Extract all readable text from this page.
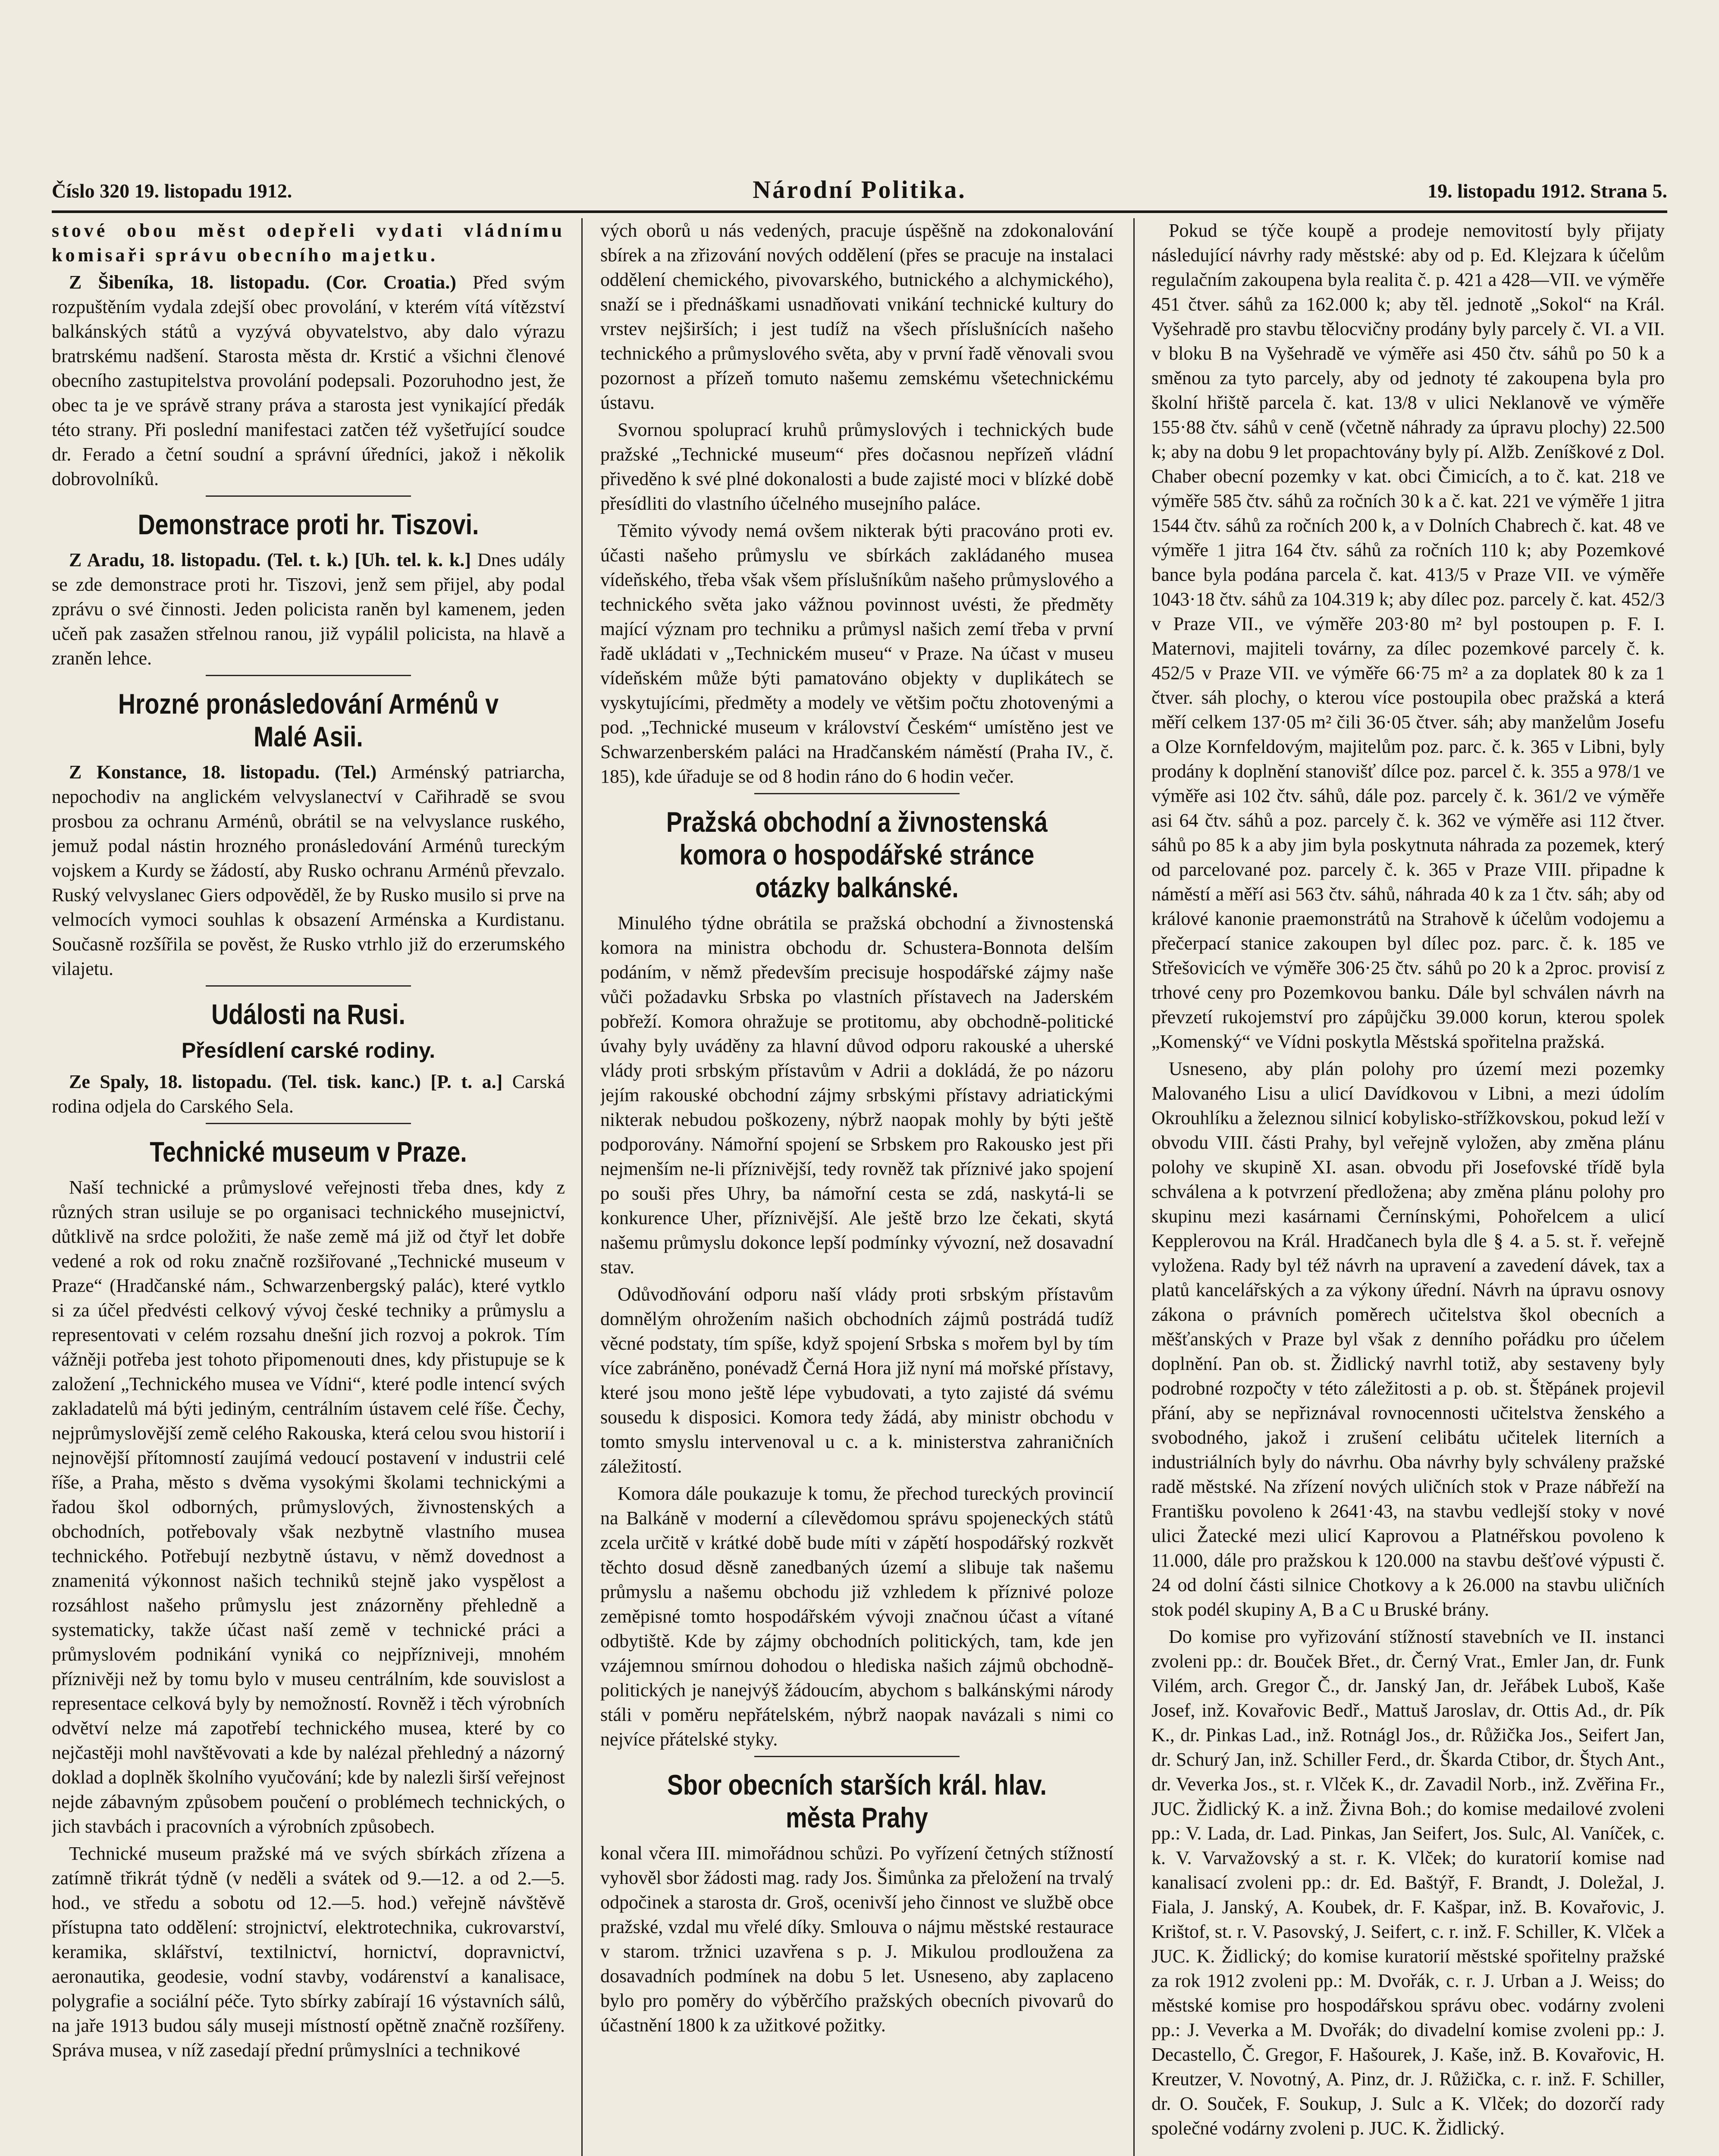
Číslo 320 19. listopadu 1912.	Národní Politika.	19. listopadu 1912. Strana 5.

stové obou měst odepřeli vydati vládnímu komisaři správu obecního majetku.

Z Šibeníka, 18. listopadu. (Cor. Croatia.) Před svým rozpuštěním vydala zdejší obec provolání, v kterém vítá vítězství balkánských států a vyzývá obyvatelstvo, aby dalo výrazu bratrskému nadšení. Starosta města dr. Krstić a všichni členové obecního zastupitelstva provolání podepsali. Pozoruhodno jest, že obec ta je ve správě strany práva a starosta jest vynikající předák této strany. Při poslední manifestaci zatčen též vyšetřující soudce dr. Ferado a četní soudní a správní úředníci, jakož i několik dobrovolníků.

Demonstrace proti hr. Tiszovi.

Z Aradu, 18. listopadu. (Tel. t. k.) [Uh. tel. k. k.] Dnes udály se zde demonstrace proti hr. Tiszovi, jenž sem přijel, aby podal zprávu o své činnosti. Jeden policista raněn byl kamenem, jeden učeň pak zasažen střelnou ranou, již vypálil policista, na hlavě a zraněn lehce.

Hrozné pronásledování Arménů v Malé Asii.

Z Konstance, 18. listopadu. (Tel.) Arménský patriarcha, nepochodiv na anglickém velvyslanectví v Cařihradě se svou prosbou za ochranu Arménů, obrátil se na velvyslance ruského, jemuž podal nástin hrozného pronásledování Arménů tureckým vojskem a Kurdy se žádostí, aby Rusko ochranu Arménů převzalo. Ruský velvyslanec Giers odpověděl, že by Rusko musilo si prve na velmocích vymoci souhlas k obsazení Arménska a Kurdistanu. Současně rozšířila se pověst, že Rusko vtrhlo již do erzerumského vilajetu.

Události na Rusi.
Přesídlení carské rodiny.

Ze Spaly, 18. listopadu. (Tel. tisk. kanc.) [P. t. a.] Carská rodina odjela do Carského Sela.

Technické museum v Praze.

Naší technické a průmyslové veřejnosti třeba dnes, kdy z různých stran usiluje se po organisaci technického musejnictví, důtklivě na srdce položiti, že naše země má již od čtyř let dobře vedené a rok od roku značně rozšiřované „Technické museum v Praze“ (Hradčanské nám., Schwarzenbergský palác), které vytklo si za účel předvésti celkový vývoj české techniky a průmyslu a representovati v celém rozsahu dnešní jich rozvoj a pokrok. Tím vážněji potřeba jest tohoto připomenouti dnes, kdy přistupuje se k založení „Technického musea ve Vídni“, které podle intencí svých zakladatelů má býti jediným, centrálním ústavem celé říše. Čechy, nejprůmyslovější země celého Rakouska, která celou svou historií i nejnovější přítomností zaujímá vedoucí postavení v industrii celé říše, a Praha, město s dvěma vysokými školami technickými a řadou škol odborných, průmyslových, živnostenských a obchodních, potřebovaly však nezbytně vlastního musea technického. Potřebují nezbytně ústavu, v němž dovednost a znamenitá výkonnost našich techniků stejně jako vyspělost a rozsáhlost našeho průmyslu jest znázorněny přehledně a systematicky, takže účast naší země v technické práci a průmyslovém podnikání vyniká co nejpřízniveji, mnohém příznivěji než by tomu bylo v museu centrálním, kde souvislost a representace celková byly by nemožností. Rovněž i těch výrobních odvětví nelze má zapotřebí technického musea, které by co nejčastěji mohl navštěvovati a kde by nalézal přehledný a názorný doklad a doplněk školního vyučování; kde by nalezli širší veřejnost nejde zábavným způsobem poučení o problémech technických, o jich stavbách i pracovních a výrobních způsobech.

Technické museum pražské má ve svých sbírkách zřízena a zatímně třikrát týdně (v neděli a svátek od 9.—12. a od 2.—5. hod., ve středu a sobotu od 12.—5. hod.) veřejně návštěvě přístupna tato oddělení: strojnictví, elektrotechnika, cukrovarství, keramika, sklářství, textilnictví, hornictví, dopravnictví, aeronautika, geodesie, vodní stavby, vodárenství a kanalisace, polygrafie a sociální péče. Tyto sbírky zabírají 16 výstavních sálů, na jaře 1913 budou sály museji místností opětně značně rozšířeny. Správa musea, v níž zasedají přední průmyslníci a technikové

vých oborů u nás vedených, pracuje úspěšně na zdokonalování sbírek a na zřizování nových oddělení (přes se pracuje na instalaci oddělení chemického, pivovarského, butnického a alchymického), snaží se i přednáškami usnadňovati vnikání technické kultury do vrstev nejširších; i jest tudíž na všech příslušnících našeho technického a průmyslového světa, aby v první řadě věnovali svou pozornost a přízeň tomuto našemu zemskému všetechnickému ústavu.

Svornou spoluprací kruhů průmyslových i technických bude pražské „Technické museum“ přes dočasnou nepřízeň vládní přiveděno k své plné dokonalosti a bude zajisté moci v blízké době přesídliti do vlastního účelného musejního paláce.

Těmito vývody nemá ovšem nikterak býti pracováno proti ev. účasti našeho průmyslu ve sbírkách zakládaného musea vídeňského, třeba však všem příslušníkům našeho průmyslového a technického světa jako vážnou povinnost uvésti, že předměty mající význam pro techniku a průmysl našich zemí třeba v první řadě ukládati v „Technickém museu“ v Praze. Na účast v museu vídeňském může býti pamatováno objekty v duplikátech se vyskytujícími, předměty a modely ve většim počtu zhotovenými a pod. „Technické museum v království Českém“ umístěno jest ve Schwarzenberském paláci na Hradčanském náměstí (Praha IV., č. 185), kde úřaduje se od 8 hodin ráno do 6 hodin večer.

Pražská obchodní a živnostenská komora o hospodářské stránce otázky balkánské.

Minulého týdne obrátila se pražská obchodní a živnostenská komora na ministra obchodu dr. Schustera-Bonnota delším podáním, v němž především precisuje hospodářské zájmy naše vůči požadavku Srbska po vlastních přístavech na Jaderském pobřeží. Komora ohražuje se protitomu, aby obchodně-politické úvahy byly uváděny za hlavní důvod odporu rakouské a uherské vlády proti srbským přístavům v Adrii a dokládá, že po názoru jejím rakouské obchodní zájmy srbskými přístavy adriatickými nikterak nebudou poškozeny, nýbrž naopak mohly by býti ještě podporovány. Námořní spojení se Srbskem pro Rakousko jest při nejmenším ne-li příznivější, tedy rovněž tak příznivé jako spojení po souši přes Uhry, ba námořní cesta se zdá, naskytá-li se konkurence Uher, příznivější. Ale ještě brzo lze čekati, skytá našemu průmyslu dokonce lepší podmínky vývozní, než dosavadní stav.

Odůvodňování odporu naší vlády proti srbským přístavům domnělým ohrožením našich obchodních zájmů postrádá tudíž věcné podstaty, tím spíše, když spojení Srbska s mořem byl by tím více zabráněno, ponévadž Černá Hora již nyní má mořské přístavy, které jsou mono ještě lépe vybudovati, a tyto zajisté dá svému sousedu k disposici. Komora tedy žádá, aby ministr obchodu v tomto smyslu intervenoval u c. a k. ministerstva zahraničních záležitostí.

Komora dále poukazuje k tomu, že přechod tureckých provincií na Balkáně v moderní a cílevědomou správu spojeneckých států zcela určitě v krátké době bude míti v zápětí hospodářský rozkvět těchto dosud děsně zanedbaných území a slibuje tak našemu průmyslu a našemu obchodu již vzhledem k příznivé poloze zeměpisné tomto hospodářském vývoji značnou účast a vítané odbytiště. Kde by zájmy obchodních politických, tam, kde jen vzájemnou smírnou dohodou o hlediska našich zájmů obchodně-politických je nanejvýš žádoucím, abychom s balkánskými národy stáli v poměru nepřátelském, nýbrž naopak navázali s nimi co nejvíce přátelské styky.

Sbor obecních starších král. hlav. města Prahy

konal včera III. mimořádnou schůzi. Po vyřízení četných stížností vyhověl sbor žádosti mag. rady Jos. Šimůnka za přeložení na trvalý odpočinek a starosta dr. Groš, ocenivší jeho činnost ve službě obce pražské, vzdal mu vřelé díky. Smlouva o nájmu městské restaurace v starom. tržnici uzavřena s p. J. Mikulou prodloužena za dosavadních podmínek na dobu 5 let. Usneseno, aby zaplaceno bylo pro poměry do výběrčího pražských obecních pivovarů do účastnění 1800 k za užitkové požitky.

Pokud se týče koupě a prodeje nemovitostí byly přijaty následující návrhy rady městské: aby od p. Ed. Klejzara k účelům regulačním zakoupena byla realita č. p. 421 a 428—VII. ve výměře 451 čtver. sáhů za 162.000 k; aby těl. jednotě „Sokol“ na Král. Vyšehradě pro stavbu tělocvičny prodány byly parcely č. VI. a VII. v bloku B na Vyšehradě ve výměře asi 450 čtv. sáhů po 50 k a směnou za tyto parcely, aby od jednoty té zakoupena byla pro školní hřiště parcela č. kat. 13/8 v ulici Neklanově ve výměře 155·88 čtv. sáhů v ceně (včetně náhrady za úpravu plochy) 22.500 k; aby na dobu 9 let propachtovány byly pí. Alžb. Zeníškové z Dol. Chaber obecní pozemky v kat. obci Čimicích, a to č. kat. 218 ve výměře 585 čtv. sáhů za ročních 30 k a č. kat. 221 ve výměře 1 jitra 1544 čtv. sáhů za ročních 200 k, a v Dolních Chabrech č. kat. 48 ve výměře 1 jitra 164 čtv. sáhů za ročních 110 k; aby Pozemkové bance byla podána parcela č. kat. 413/5 v Praze VII. ve výměře 1043·18 čtv. sáhů za 104.319 k; aby dílec poz. parcely č. kat. 452/3 v Praze VII., ve výměře 203·80 m² byl postoupen p. F. I. Maternovi, majiteli továrny, za dílec pozemkové parcely č. k. 452/5 v Praze VII. ve výměře 66·75 m² a za doplatek 80 k za 1 čtver. sáh plochy, o kterou více postoupila obec pražská a která měří celkem 137·05 m² čili 36·05 čtver. sáh; aby manželům Josefu a Olze Kornfeldovým, majitelům poz. parc. č. k. 365 v Libni, byly prodány k doplnění stanovišť dílce poz. parcel č. k. 355 a 978/1 ve výměře asi 102 čtv. sáhů, dále poz. parcely č. k. 361/2 ve výměře asi 64 čtv. sáhů a poz. parcely č. k. 362 ve výměře asi 112 čtver. sáhů po 85 k a aby jim byla poskytnuta náhrada za pozemek, který od parcelované poz. parcely č. k. 365 v Praze VIII. připadne k náměstí a měří asi 563 čtv. sáhů, náhrada 40 k za 1 čtv. sáh; aby od králové kanonie praemonstrátů na Strahově k účelům vodojemu a přečerpací stanice zakoupen byl dílec poz. parc. č. k. 185 ve Střešovicích ve výměře 306·25 čtv. sáhů po 20 k a 2proc. provisí z trhové ceny pro Pozemkovou banku. Dále byl schválen návrh na převzetí rukojemství pro zápůjčku 39.000 korun, kterou spolek „Komenský“ ve Vídni poskytla Městská spořitelna pražská.

Usneseno, aby plán polohy pro území mezi pozemky Malovaného Lisu a ulicí Davídkovou v Libni, a mezi údolím Okrouhlíku a železnou silnicí kobylisko-střížkovskou, pokud leží v obvodu VIII. části Prahy, byl veřejně vyložen, aby změna plánu polohy ve skupině XI. asan. obvodu při Josefovské třídě byla schválena a k potvrzení předložena; aby změna plánu polohy pro skupinu mezi kasárnami Černínskými, Pohořelcem a ulicí Kepplerovou na Král. Hradčanech byla dle § 4. a 5. st. ř. veřejně vyložena. Rady byl též návrh na upravení a zavedení dávek, tax a platů kancelářských a za výkony úřední. Návrh na úpravu osnovy zákona o právních poměrech učitelstva škol obecních a měšťanských v Praze byl však z denního pořádku pro účelem doplnění. Pan ob. st. Židlický navrhl totiž, aby sestaveny byly podrobné rozpočty v této záležitosti a p. ob. st. Štěpánek projevil přání, aby se nepřiznával rovnocennosti učitelstva ženského a svobodného, jakož i zrušení celibátu učitelek literních a industriálních byly do návrhu. Oba návrhy byly schváleny pražské radě městské. Na zřízení nových uličních stok v Praze nábřeží na Františku povoleno k 2641·43, na stavbu vedlejší stoky v nové ulici Žatecké mezi ulicí Kaprovou a Platnéřskou povoleno k 11.000, dále pro pražskou k 120.000 na stavbu dešťové výpusti č. 24 od dolní části silnice Chotkovy a k 26.000 na stavbu uličních stok podél skupiny A, B a C u Bruské brány.

Do komise pro vyřizování stížností stavebních ve II. instanci zvoleni pp.: dr. Bouček Břet., dr. Černý Vrat., Emler Jan, dr. Funk Vilém, arch. Gregor Č., dr. Janský Jan, dr. Jeřábek Luboš, Kaše Josef, inž. Kovařovic Bedř., Mattuš Jaroslav, dr. Ottis Ad., dr. Pík K., dr. Pinkas Lad., inž. Rotnágl Jos., dr. Růžička Jos., Seifert Jan, dr. Schurý Jan, inž. Schiller Ferd., dr. Škarda Ctibor, dr. Štych Ant., dr. Veverka Jos., st. r. Vlček K., dr. Zavadil Norb., inž. Zvěřina Fr., JUC. Židlický K. a inž. Živna Boh.; do komise medailové zvoleni pp.: V. Lada, dr. Lad. Pinkas, Jan Seifert, Jos. Sulc, Al. Vaníček, c. k. V. Varvažovský a st. r. K. Vlček; do kuratorií komise nad kanalisací zvoleni pp.: dr. Ed. Baštýř, F. Brandt, J. Doležal, J. Fiala, J. Janský, A. Koubek, dr. F. Kašpar, inž. B. Kovařovic, J. Krištof, st. r. V. Pasovský, J. Seifert, c. r. inž. F. Schiller, K. Vlček a JUC. K. Židlický; do komise kuratorií městské spořitelny pražské za rok 1912 zvoleni pp.: M. Dvořák, c. r. J. Urban a J. Weiss; do městské komise pro hospodářskou správu obec. vodárny zvoleni pp.: J. Veverka a M. Dvořák; do divadelní komise zvoleni pp.: J. Decastello, Č. Gregor, F. Hašourek, J. Kaše, inž. B. Kovařovic, H. Kreutzer, V. Novotný, A. Pinz, dr. J. Růžička, c. r. inž. F. Schiller, dr. O. Souček, F. Soukup, J. Sulc a K. Vlček; do dozorčí rady společné vodárny zvoleni p. JUC. K. Židlický.
